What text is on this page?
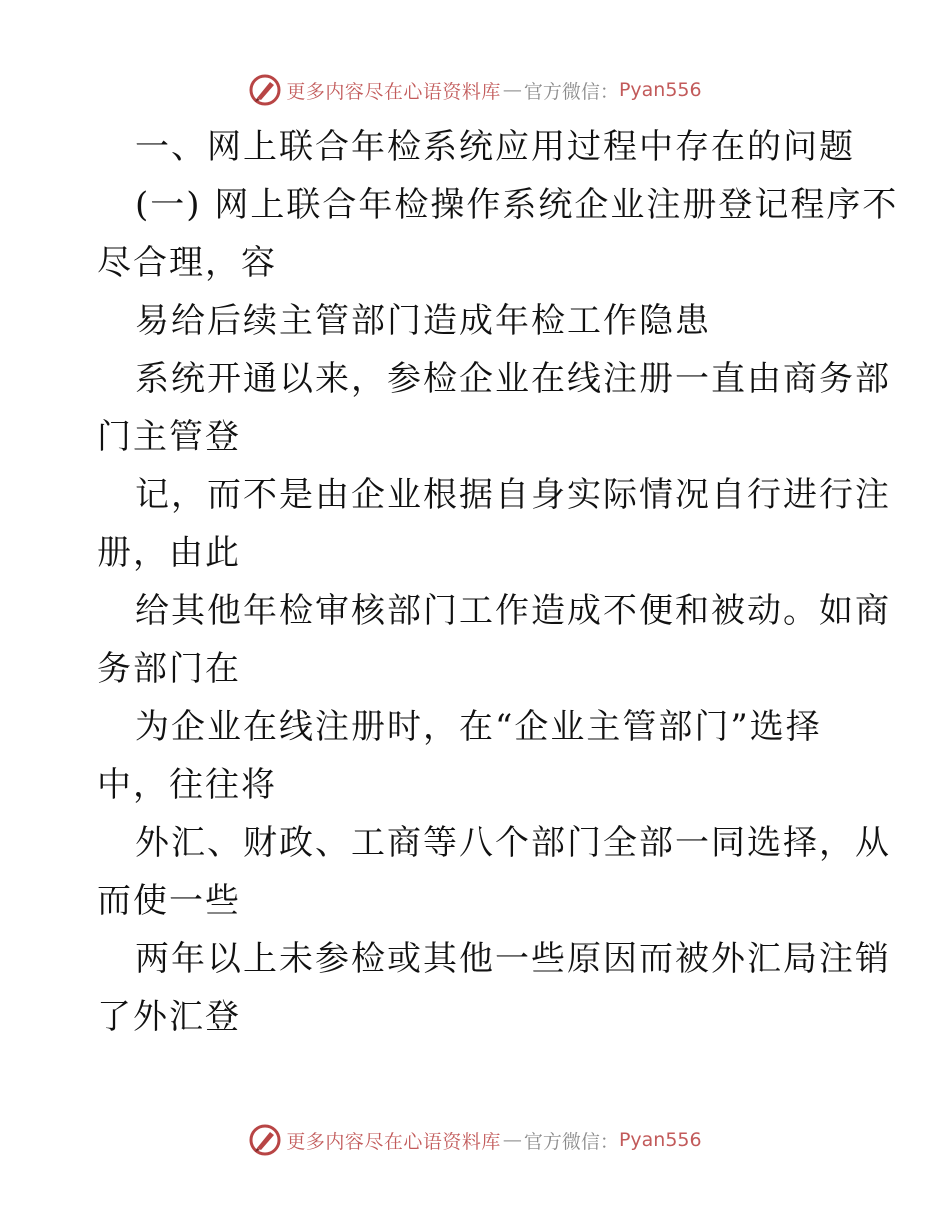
更多内容尽在心语资料库 — 官方微信： Pyan556
一、网上联合年检系统应用过程中存在的问题
(一) 网上联合年检操作系统企业注册登记程序不
尽合理，容
易给后续主管部门造成年检工作隐患
系统开通以来，参检企业在线注册一直由商务部
门主管登
记，而不是由企业根据自身实际情况自行进行注
册，由此
给其他年检审核部门工作造成不便和被动。如商
务部门在
为企业在线注册时，在“企业主管部门”选择
中，往往将
外汇、财政、工商等八个部门全部一同选择，从
而使一些
两年以上未参检或其他一些原因而被外汇局注销
了外汇登
更多内容尽在心语资料库 — 官方微信： Pyan556
